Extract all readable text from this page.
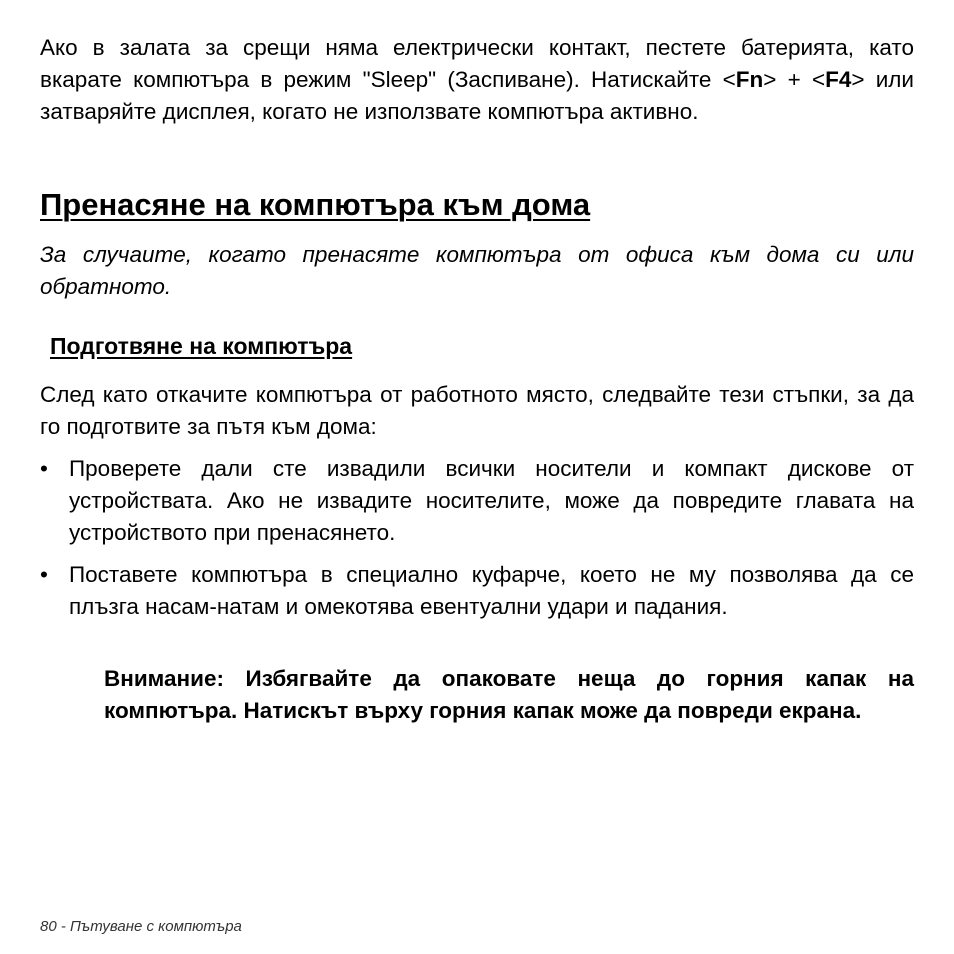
Ако в залата за срещи няма електрически контакт, пестете батерията, като вкарате компютъра в режим "Sleep" (Заспиване). Натискайте <Fn> + <F4> или затваряйте дисплея, когато не използвате компютъра активно.

Пренасяне на компютъра към дома

За случаите, когато пренасяте компютъра от офиса към дома си или обратното.

Подготвяне на компютъра

След като откачите компютъра от работното място, следвайте тези стъпки, за да го подготвите за пътя към дома:

• Проверете дали сте извадили всички носители и компакт дискове от устройствата. Ако не извадите носителите, може да повредите главата на устройството при пренасянето.
• Поставете компютъра в специално куфарче, което не му позволява да се плъзга насам-натам и омекотява евентуални удари и падания.

Внимание: Избягвайте да опаковате неща до горния капак на компютъра. Натискът върху горния капак може да повреди екрана.

80 - Пътуване с компютъра
